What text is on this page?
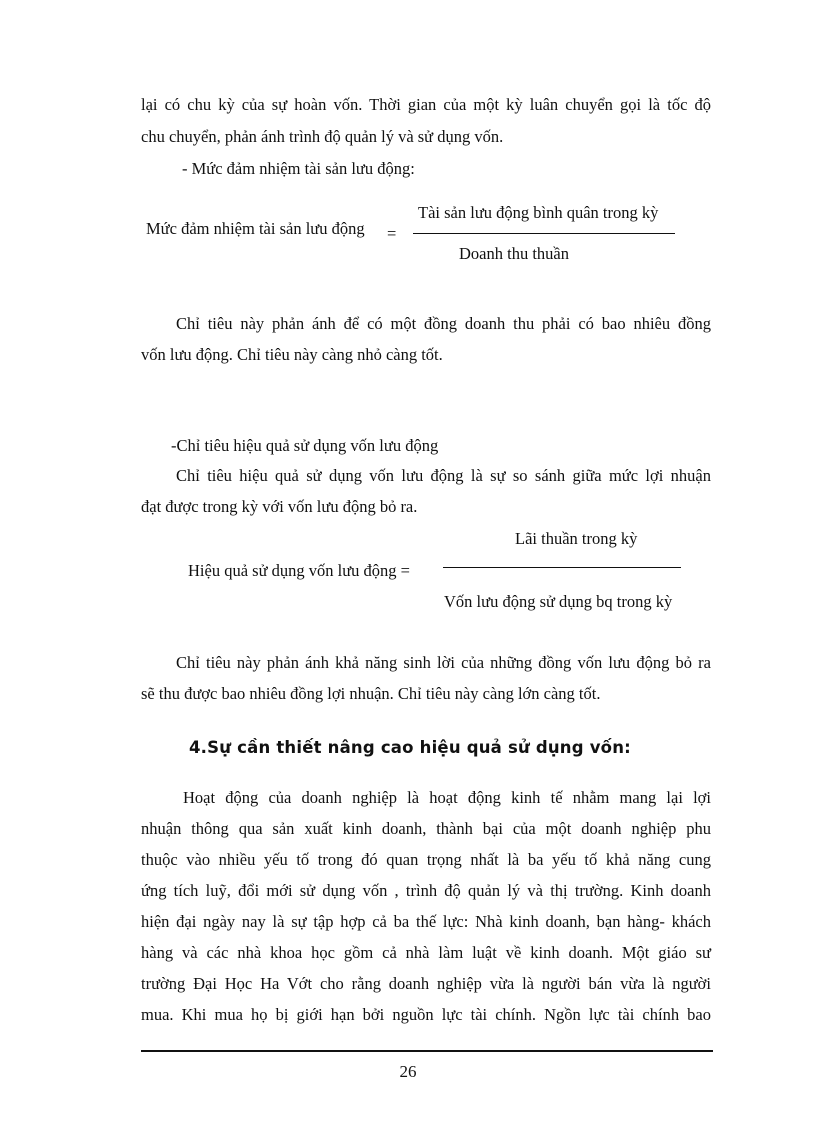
lại có chu kỳ của sự hoàn vốn. Thời gian của một kỳ luân chuyển gọi là tốc độ
chu chuyển, phản ánh trình độ quản lý và sử dụng vốn.
- Mức đảm nhiệm tài sản lưu động:
Mức đảm nhiệm tài sản lưu động =
Tài sản lưu động bình quân trong kỳ
Doanh thu thuần
Chỉ tiêu này phản ánh để có một đồng doanh thu phải có bao nhiêu đồng
vốn lưu động. Chỉ tiêu này càng nhỏ càng tốt.
-Chỉ tiêu hiệu quả sử dụng vốn lưu động
Chỉ tiêu hiệu quả sử dụng vốn lưu động là sự so sánh giữa mức lợi nhuận
đạt được trong kỳ với vốn lưu động bỏ ra.
Lãi thuần trong kỳ
Hiệu quả sử dụng vốn lưu động =
Vốn lưu động sử dụng bq trong kỳ
Chỉ tiêu này phản ánh khả năng sinh lời của những đồng vốn lưu động bỏ ra
sẽ thu được bao nhiêu đồng lợi nhuận. Chỉ tiêu này càng lớn càng tốt.
4.Sự cần thiết nâng cao hiệu quả sử dụng vốn:
Hoạt động của doanh nghiệp là hoạt động kinh tế nhằm mang lại lợi
nhuận thông qua sản xuất kinh doanh, thành bại của một doanh nghiệp phu
thuộc vào nhiều yếu tố trong đó quan trọng nhất là ba yếu tố khả năng cung
ứng tích luỹ, đổi mới sử dụng vốn , trình độ quản lý và thị trường. Kinh doanh
hiện đại ngày nay là sự tập hợp cả ba thế lực: Nhà kinh doanh, bạn hàng- khách
hàng và các nhà khoa học gồm cả nhà làm luật về kinh doanh. Một giáo sư
trường Đại Học Ha Vớt cho rằng doanh nghiệp vừa là người bán vừa là người
mua. Khi mua họ bị giới hạn bởi nguồn lực tài chính. Ngồn lực tài chính bao
26
